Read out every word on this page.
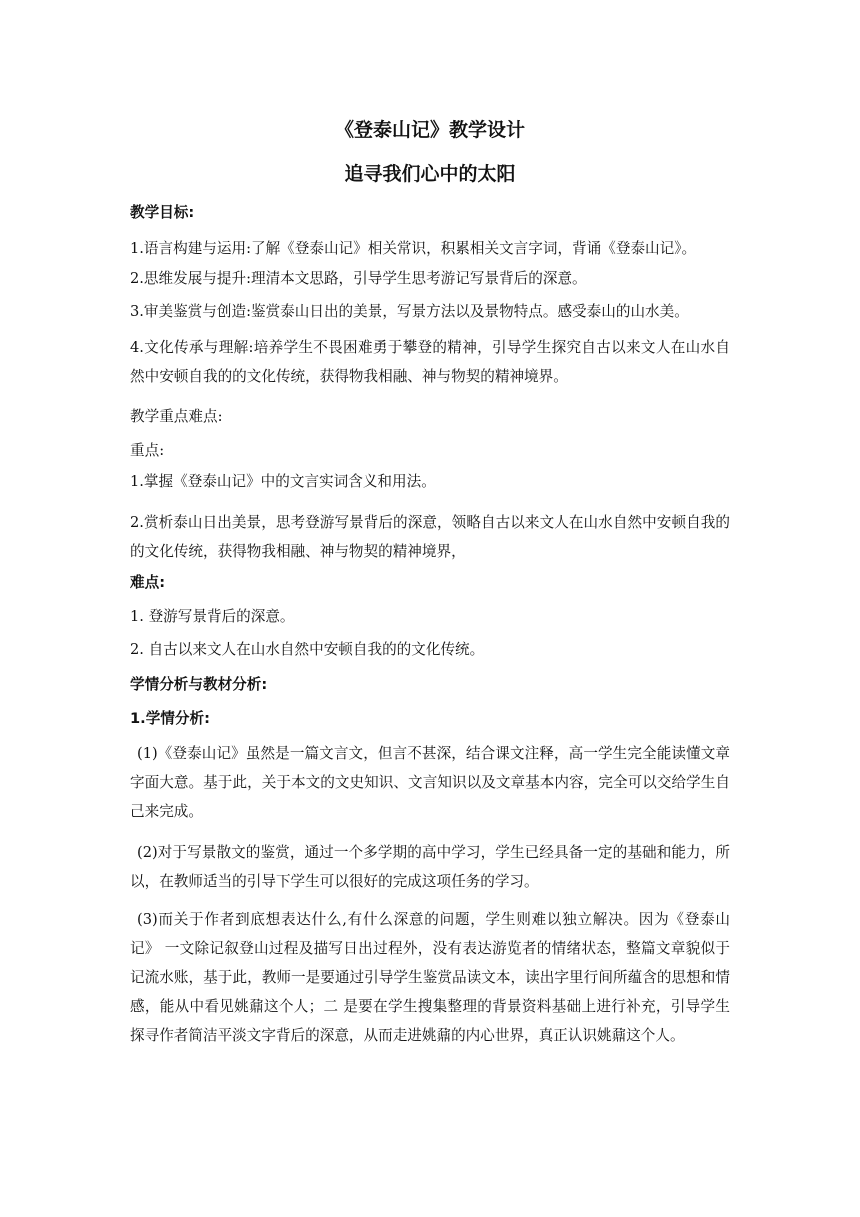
《登泰山记》教学设计
追寻我们心中的太阳
教学目标:
1.语言构建与运用:了解《登泰山记》相关常识，积累相关文言字词，背诵《登泰山记》。
2.思维发展与提升:理清本文思路，引导学生思考游记写景背后的深意。
3.审美鉴赏与创造:鉴赏泰山日出的美景，写景方法以及景物特点。感受泰山的山水美。
4.文化传承与理解:培养学生不畏困难勇于攀登的精神，引导学生探究自古以来文人在山水自然中安顿自我的的文化传统，获得物我相融、神与物契的精神境界。
教学重点难点:
重点:
1.掌握《登泰山记》中的文言实词含义和用法。
2.赏析泰山日出美景，思考登游写景背后的深意，领略自古以来文人在山水自然中安顿自我的的文化传统，获得物我相融、神与物契的精神境界，
难点:
1. 登游写景背后的深意。
2. 自古以来文人在山水自然中安顿自我的的文化传统。
学情分析与教材分析:
1.学情分析:
(1)《登泰山记》虽然是一篇文言文，但言不甚深，结合课文注释，高一学生完全能读懂文章字面大意。基于此，关于本文的文史知识、文言知识以及文章基本内容，完全可以交给学生自己来完成。
(2)对于写景散文的鉴赏，通过一个多学期的高中学习，学生已经具备一定的基础和能力，所以，在教师适当的引导下学生可以很好的完成这项任务的学习。
(3)而关于作者到底想表达什么,有什么深意的问题，学生则难以独立解决。因为《登泰山记》 一文除记叙登山过程及描写日出过程外，没有表达游览者的情绪状态，整篇文章貌似于记流水账，基于此，教师一是要通过引导学生鉴赏品读文本，读出字里行间所蕴含的思想和情感，能从中看见姚鼐这个人；二 是要在学生搜集整理的背景资料基础上进行补充，引导学生探寻作者简洁平淡文字背后的深意，从而走进姚鼐的内心世界，真正认识姚鼐这个人。
